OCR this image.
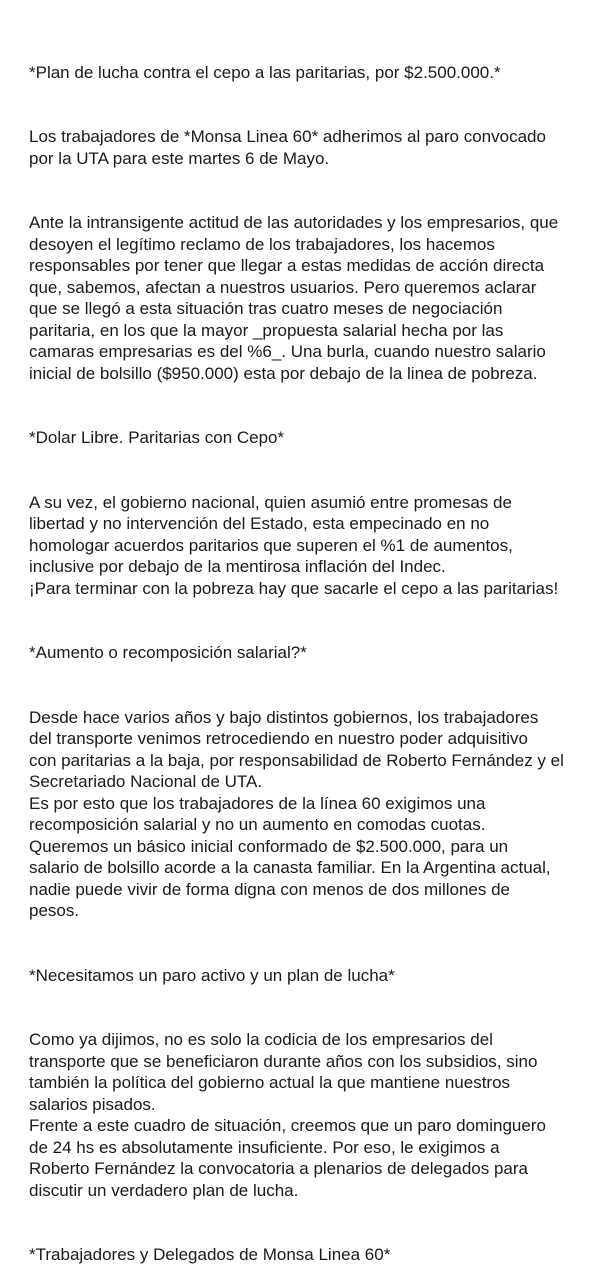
*Plan de lucha contra el cepo a las paritarias, por $2.500.000.*

Los trabajadores de *Monsa Linea 60* adherimos al paro convocado
por la UTA para este martes 6 de Mayo.

Ante la intransigente actitud de las autoridades y los empresarios, que
desoyen el legítimo reclamo de los trabajadores, los hacemos
responsables por tener que llegar a estas medidas de acción directa
que, sabemos, afectan a nuestros usuarios. Pero queremos aclarar
que se llegó a esta situación tras cuatro meses de negociación
paritaria, en los que la mayor _propuesta salarial hecha por las
camaras empresarias es del %6_. Una burla, cuando nuestro salario
inicial de bolsillo ($950.000) esta por debajo de la linea de pobreza.

*Dolar Libre. Paritarias con Cepo*

A su vez, el gobierno nacional, quien asumió entre promesas de
libertad y no intervención del Estado, esta empecinado en no
homologar acuerdos paritarios que superen el %1 de aumentos,
inclusive por debajo de la mentirosa inflación del Indec.
¡Para terminar con la pobreza hay que sacarle el cepo a las paritarias!

*Aumento o recomposición salarial?*

Desde hace varios años y bajo distintos gobiernos, los trabajadores
del transporte venimos retrocediendo en nuestro poder adquisitivo
con paritarias a la baja, por responsabilidad de Roberto Fernández y el
Secretariado Nacional de UTA.
Es por esto que los trabajadores de la línea 60 exigimos una
recomposición salarial y no un aumento en comodas cuotas.
Queremos un básico inicial conformado de $2.500.000, para un
salario de bolsillo acorde a la canasta familiar. En la Argentina actual,
nadie puede vivir de forma digna con menos de dos millones de
pesos.

*Necesitamos un paro activo y un plan de lucha*

Como ya dijimos, no es solo la codicia de los empresarios del
transporte que se beneficiaron durante años con los subsidios, sino
también la política del gobierno actual la que mantiene nuestros
salarios pisados.
Frente a este cuadro de situación, creemos que un paro dominguero
de 24 hs es absolutamente insuficiente. Por eso, le exigimos a
Roberto Fernández la convocatoria a plenarios de delegados para
discutir un verdadero plan de lucha.

*Trabajadores y Delegados de Monsa Linea 60*
